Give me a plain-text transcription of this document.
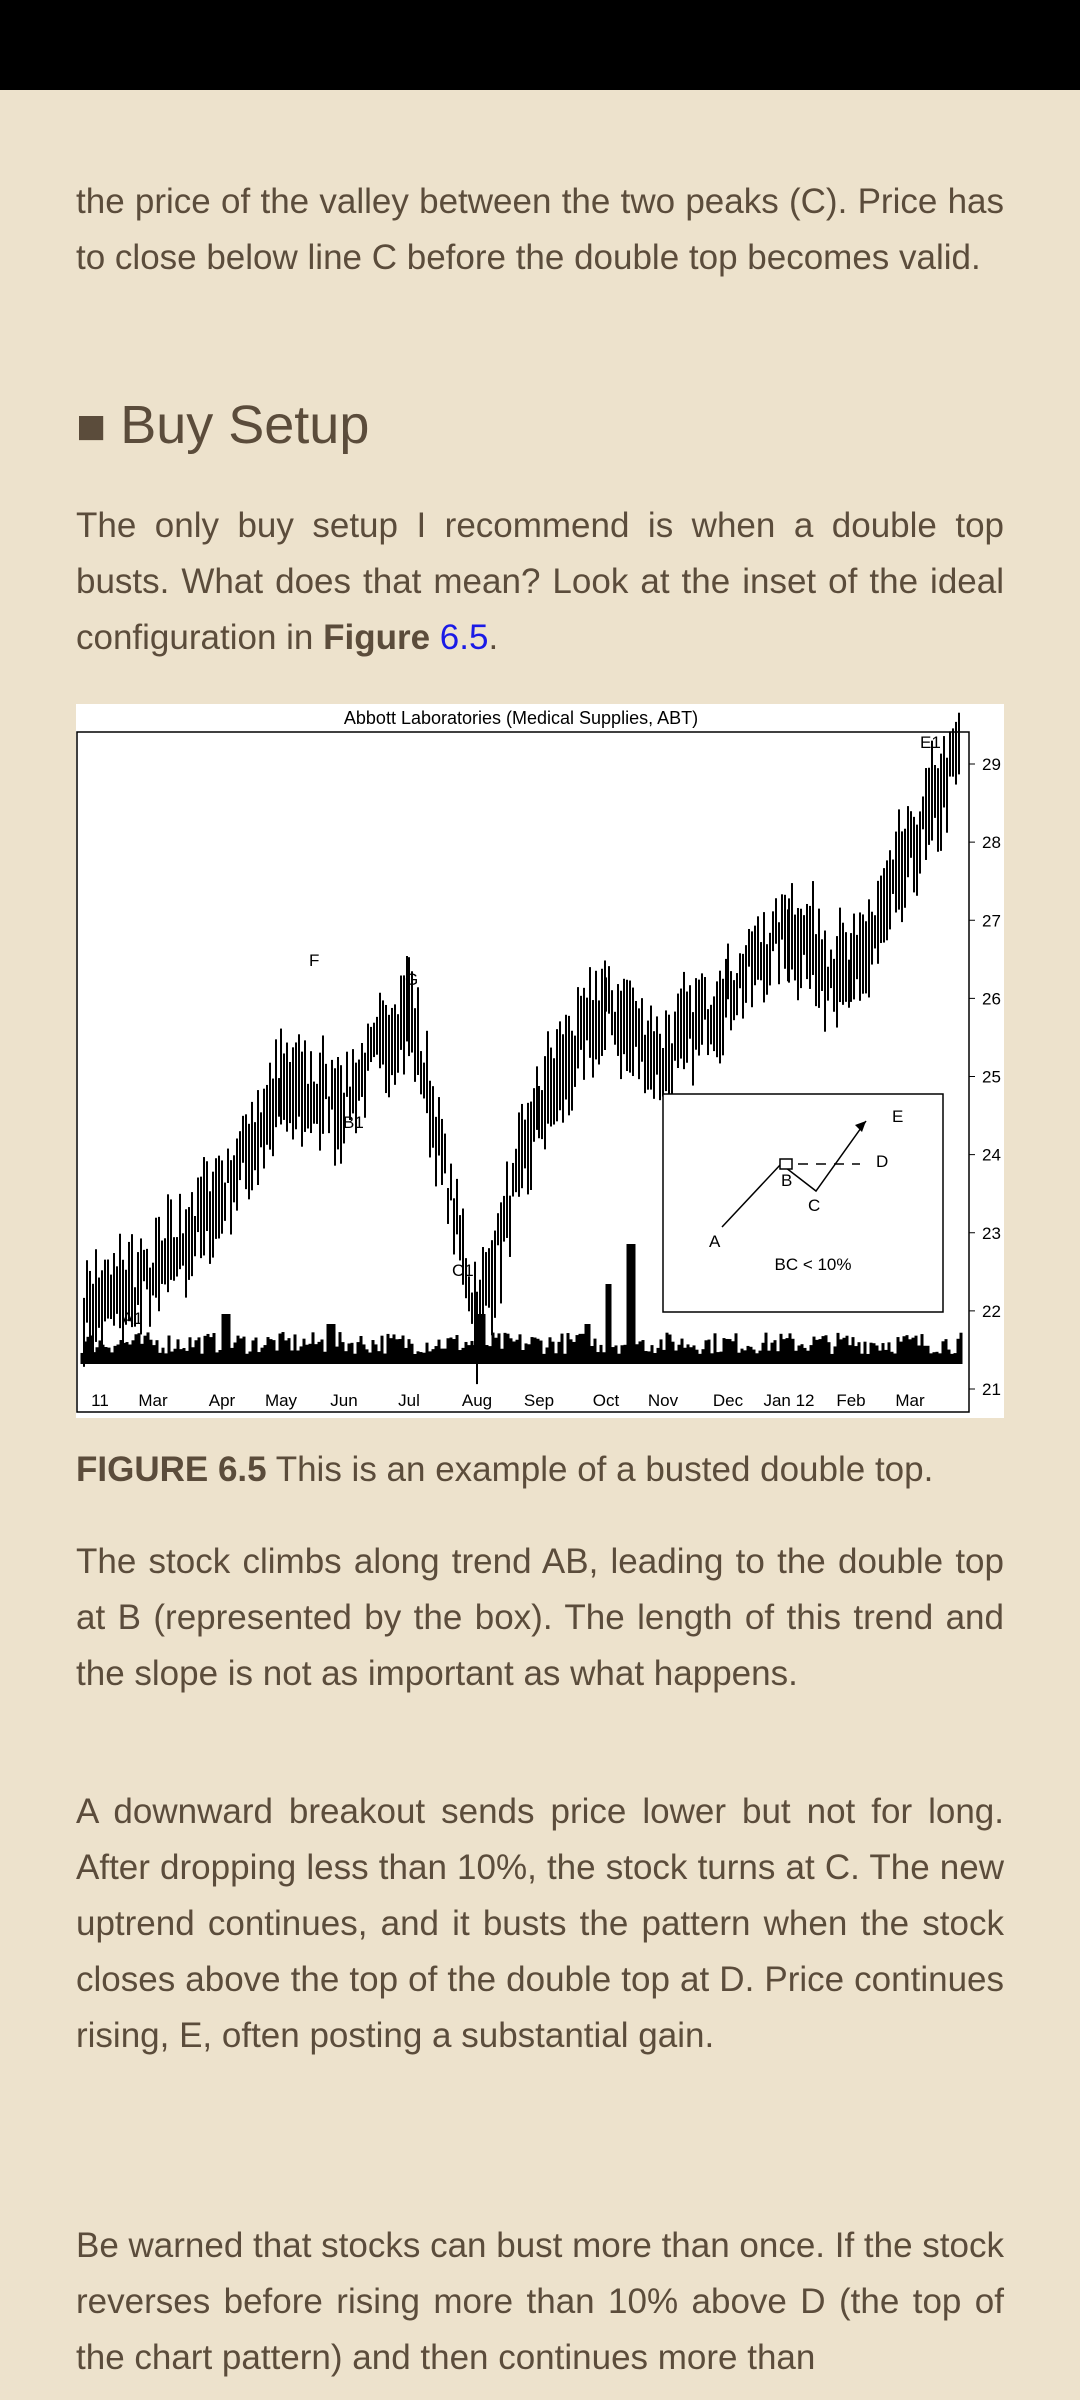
the price of the valley between the two peaks (C). Price has to close below line C before the double top becomes valid.

■ Buy Setup

The only buy setup I recommend is when a double top busts. What does that mean? Look at the inset of the ideal configuration in Figure 6.5.

Abbott Laboratories (Medical Supplies, ABT)
21
22
23
24
25
26
27
28
29
11 Mar Apr May Jun Jul Aug Sep Oct Nov Dec Jan 12 Feb Mar
A1
F
B1
G
C1
E1
A
B
C
D
E
BC < 10%
FIGURE 6.5 This is an example of a busted double top.

The stock climbs along trend AB, leading to the double top at B (represented by the box). The length of this trend and the slope is not as important as what happens.

A downward breakout sends price lower but not for long. After dropping less than 10%, the stock turns at C. The new uptrend continues, and it busts the pattern when the stock closes above the top of the double top at D. Price continues rising, E, often posting a substantial gain.

Be warned that stocks can bust more than once. If the stock reverses before rising more than 10% above D (the top of the chart pattern) and then continues more than
